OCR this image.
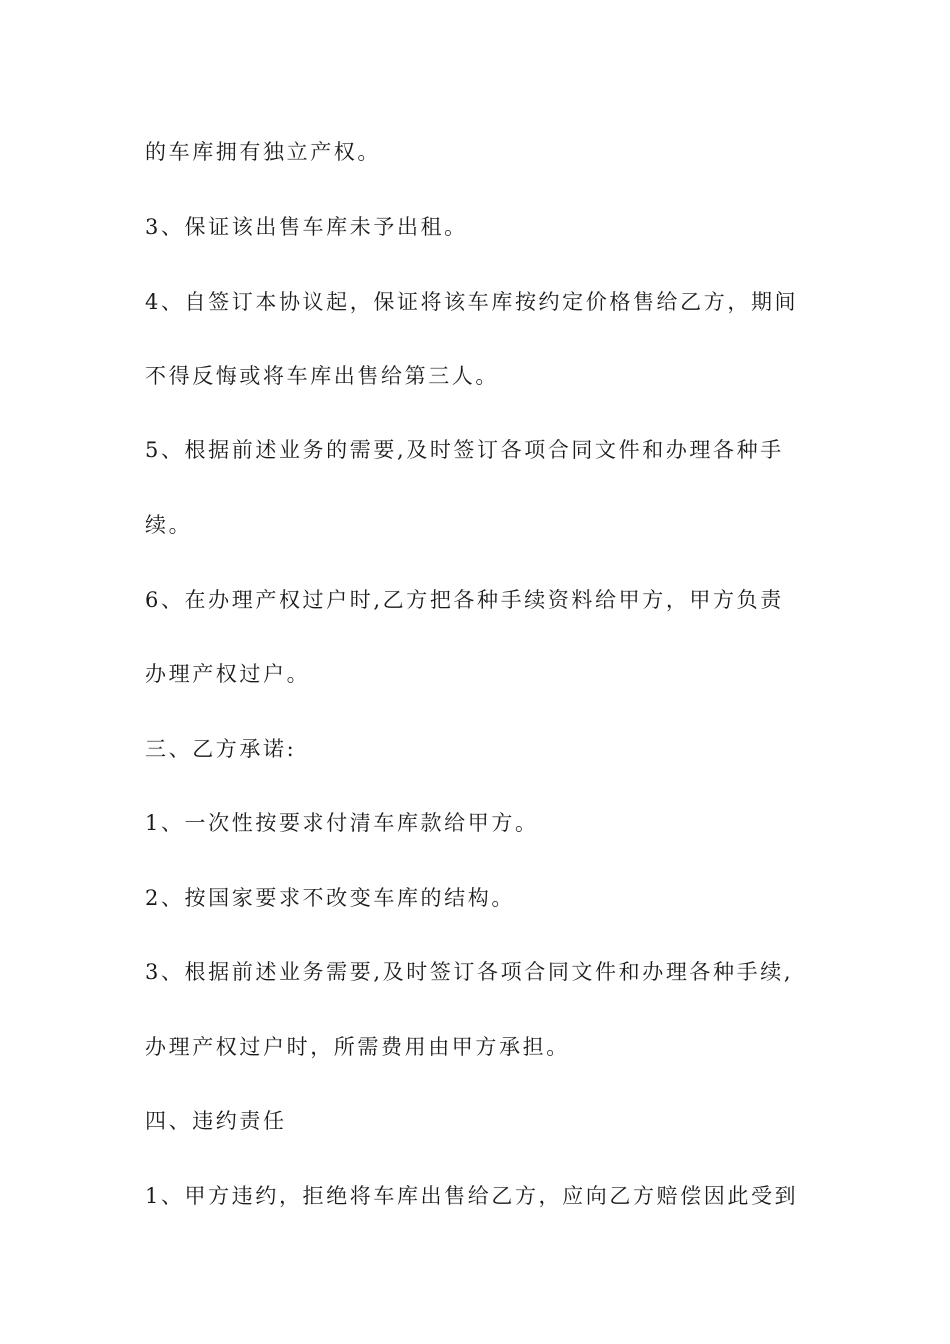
的车库拥有独立产权。
3、保证该出售车库未予出租。
4、自签订本协议起，保证将该车库按约定价格售给乙方，期间
不得反悔或将车库出售给第三人。
5、根据前述业务的需要,及时签订各项合同文件和办理各种手
续。
6、在办理产权过户时,乙方把各种手续资料给甲方，甲方负责
办理产权过户。
三、乙方承诺:
1、一次性按要求付清车库款给甲方。
2、按国家要求不改变车库的结构。
3、根据前述业务需要,及时签订各项合同文件和办理各种手续,
办理产权过户时，所需费用由甲方承担。
四、违约责任
1、甲方违约，拒绝将车库出售给乙方，应向乙方赔偿因此受到
